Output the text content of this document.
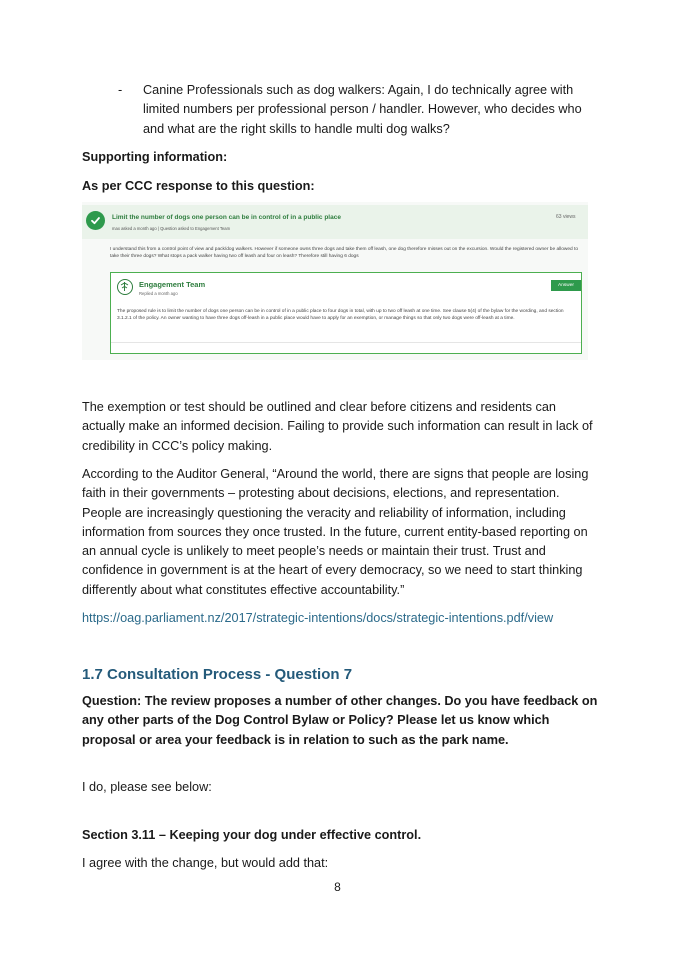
- Canine Professionals such as dog walkers: Again, I do technically agree with limited numbers per professional person / handler. However, who decides who and what are the right skills to handle multi dog walks?

Supporting information:

As per CCC response to this question:

Limit the number of dogs one person can be in control of in a public place
max asked a month ago | Question asked to Engagement Team
63 views
I understand this from a control point of view and pack/dog walkers. However if someone owns three dogs and take them off leash, one dog therefore misses out on the excursion. Would the registered owner be allowed to take their three dogs? What stops a pack walker having two off leash and four on leash? Therefore still having 6 dogs
Engagement Team
Replied a month ago
Answer
The proposed rule is to limit the number of dogs one person can be in control of in a public place to four dogs in total, with up to two off leash at one time. See clause 5(4) of the bylaw for the wording, and section 3.1.2.1 of the policy. An owner wanting to have three dogs off-leash in a public place would have to apply for an exemption, or manage things so that only two dogs were off-leash at a time.

The exemption or test should be outlined and clear before citizens and residents can actually make an informed decision. Failing to provide such information can result in lack of credibility in CCC’s policy making.

According to the Auditor General, “Around the world, there are signs that people are losing faith in their governments – protesting about decisions, elections, and representation. People are increasingly questioning the veracity and reliability of information, including information from sources they once trusted. In the future, current entity-based reporting on an annual cycle is unlikely to meet people’s needs or maintain their trust. Trust and confidence in government is at the heart of every democracy, so we need to start thinking differently about what constitutes effective accountability.”

https://oag.parliament.nz/2017/strategic-intentions/docs/strategic-intentions.pdf/view

1.7 Consultation Process - Question 7

Question: The review proposes a number of other changes. Do you have feedback on any other parts of the Dog Control Bylaw or Policy? Please let us know which proposal or area your feedback is in relation to such as the park name.

I do, please see below:

Section 3.11 – Keeping your dog under effective control.

I agree with the change, but would add that:

8
